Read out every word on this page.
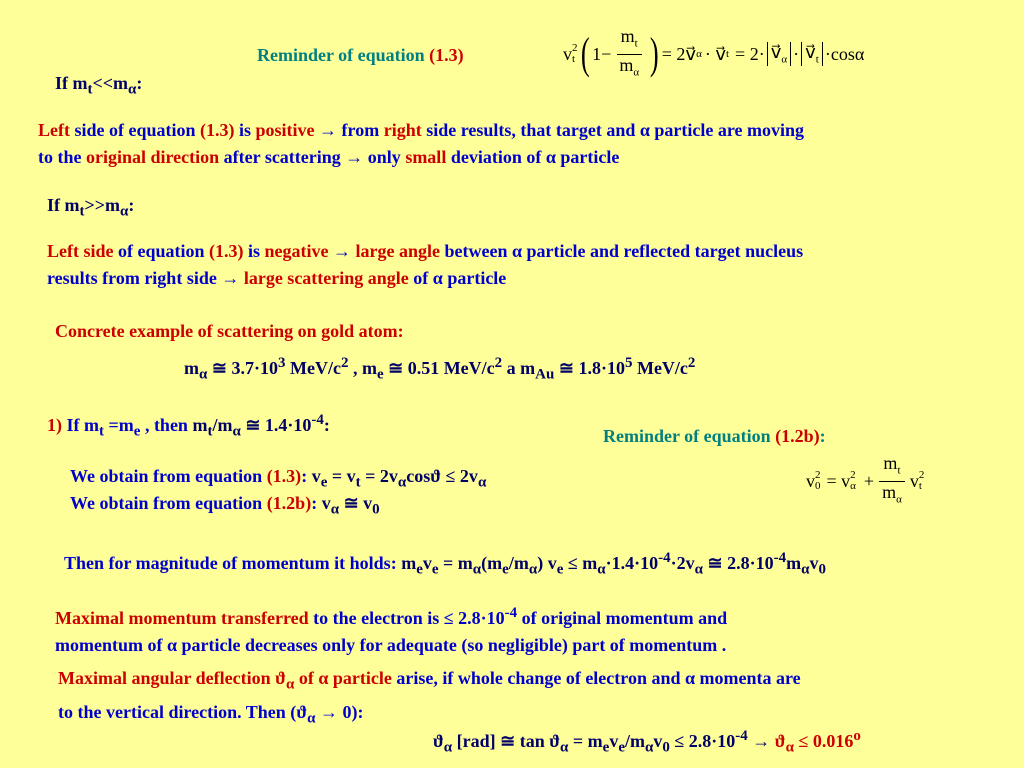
Reminder of equation (1.3)	v 2
t ( $1- \frac{m_t}{m_\alpha}$ ) = 2v⃗ α · v⃗ $t = 2\cdot v⃗_\alpha$ · $v⃗_t \cdot\cos\alpha$
If $m_t<<m_\alpha$:
Left side of equation (1.3) is positive → from right side results, that target and α particle are moving
to the original direction after scattering → only small deviation of α particle
If $m_t>>m_\alpha$:
Left side of equation (1.3) is negative → large angle between α particle and reflected target nucleus
results from right side → large scattering angle of α particle
Concrete example of scattering on gold atom:
$m_\alpha$ ≅ $3.7\cdot 10^3$ MeV/$c^2$ , $m_e$ ≅ 0.51 MeV/$c^2$ a $m_{Au}$ ≅ $1.8\cdot 10^5$ MeV/$c^2$
1) If $m_t =m_e$ , then $m_t/m_\alpha$ ≅ $1.4\cdot 10^{-4}$:
Reminder of equation (1.2b):
v 2
0 = v 2
$\alpha + \frac{m_t}{m_\alpha}$ v 2
t
We obtain from equation (1.3): $v_e = v_t = 2v_\alpha\cos ϑ \le 2v_\alpha$
We obtain from equation (1.2b): $v_\alpha$ ≅ $v_0$
Then for magnitude of momentum it holds: $m_ev_e = m_\alpha(m_e/m_\alpha) v_e \le m_\alpha\cdot 1.4\cdot 10^{-4}\cdot 2v_\alpha$ ≅ $2.8\cdot 10^{-4}m_\alpha v_0$
Maximal momentum transferred to the electron is ≤ $2.8\cdot 10^{-4}$ of original momentum and
momentum of α particle decreases only for adequate (so negligible) part of momentum .
Maximal angular deflection $ϑ_\alpha$ of α particle arise, if whole change of electron and α momenta are
to the vertical direction. Then $(ϑ_\alpha \to 0)$:
$ϑ_\alpha$ [rad] ≅ $\tan ϑ_\alpha = m_ev_e/m_\alpha v_0 \le 2.8\cdot 10^{-4} \to ϑ_\alpha \le 0.016^o$
